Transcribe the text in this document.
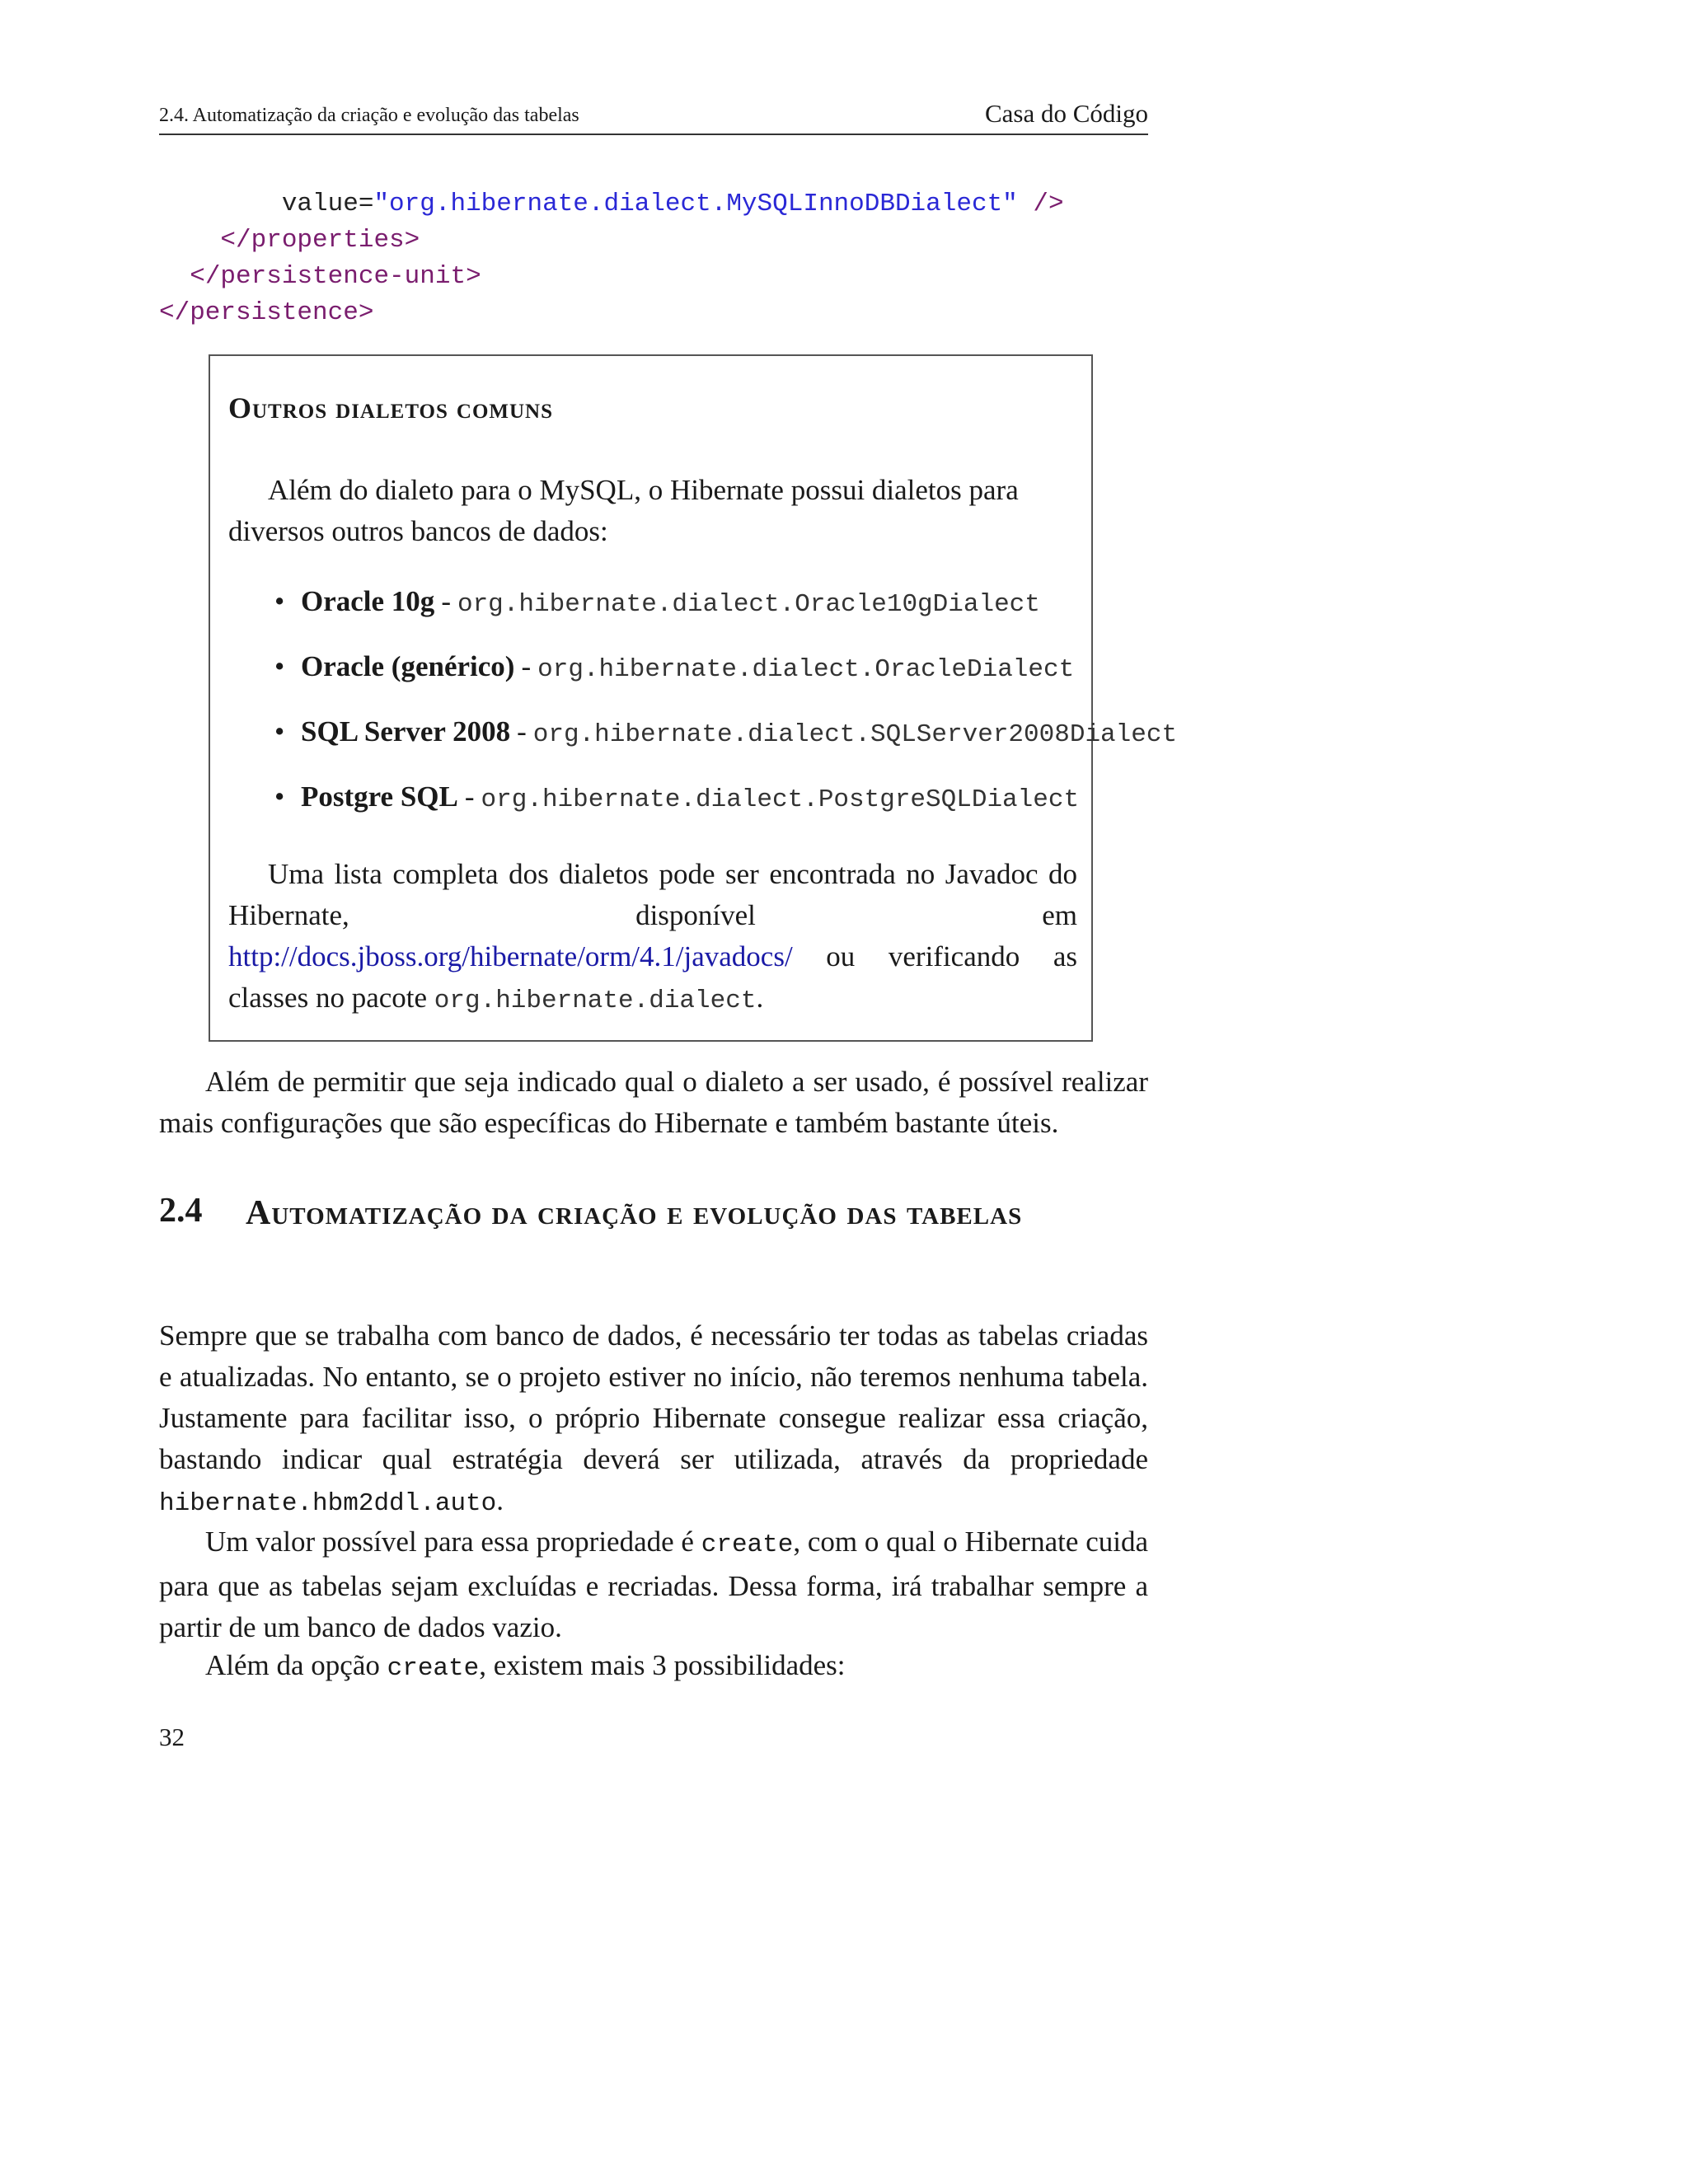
2.4. Automatização da criação e evolução das tabelas	Casa do Código
value="org.hibernate.dialect.MySQLInnoDBDialect" />
</properties>
</persistence-unit>
</persistence>
Outros dialetos comuns
Além do dialeto para o MySQL, o Hibernate possui dialetos para diversos outros bancos de dados:
• Oracle 10g - org.hibernate.dialect.Oracle10gDialect
• Oracle (genérico) - org.hibernate.dialect.OracleDialect
• SQL Server 2008 - org.hibernate.dialect.SQLServer2008Dialect
• Postgre SQL - org.hibernate.dialect.PostgreSQLDialect
Uma lista completa dos dialetos pode ser encontrada no Javadoc do Hibernate, disponível em http://docs.jboss.org/hibernate/orm/4.1/javadocs/ ou verificando as classes no pacote org.hibernate.dialect.
Além de permitir que seja indicado qual o dialeto a ser usado, é possível realizar mais configurações que são específicas do Hibernate e também bastante úteis.
2.4 Automatização da criação e evolução das tabelas
Sempre que se trabalha com banco de dados, é necessário ter todas as tabelas criadas e atualizadas. No entanto, se o projeto estiver no início, não teremos nenhuma tabela. Justamente para facilitar isso, o próprio Hibernate consegue realizar essa criação, bastando indicar qual estratégia deverá ser utilizada, através da propriedade hibernate.hbm2ddl.auto.
Um valor possível para essa propriedade é create, com o qual o Hibernate cuida para que as tabelas sejam excluídas e recriadas. Dessa forma, irá trabalhar sempre a partir de um banco de dados vazio.
Além da opção create, existem mais 3 possibilidades:
32
